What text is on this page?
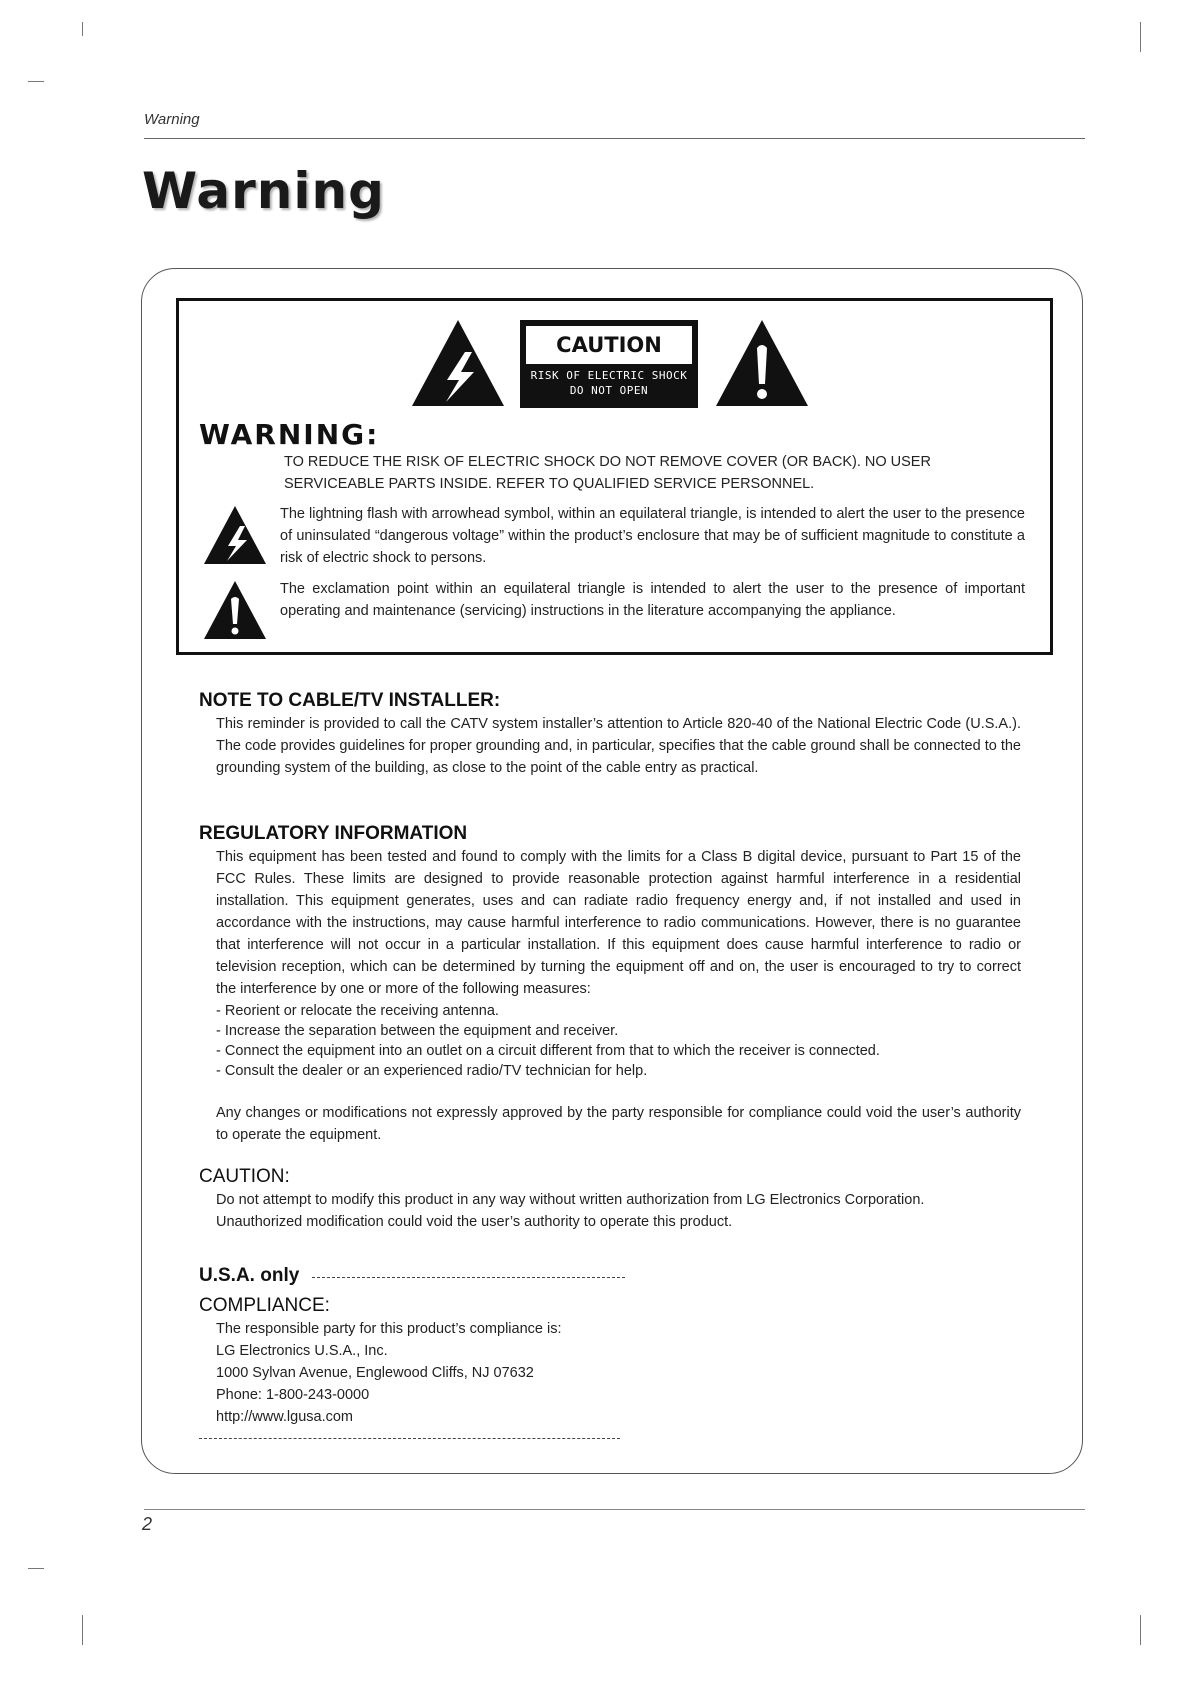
Warning
Warning
CAUTION
RISK OF ELECTRIC SHOCK
DO NOT OPEN
WARNING:
TO REDUCE THE RISK OF ELECTRIC SHOCK DO NOT REMOVE COVER (OR BACK). NO USER
SERVICEABLE PARTS INSIDE. REFER TO QUALIFIED SERVICE PERSONNEL.
The lightning flash with arrowhead symbol, within an equilateral triangle, is intended to alert the user to the presence of uninsulated “dangerous voltage” within the product’s enclosure that may be of sufficient magnitude to constitute a risk of electric shock to persons.
The exclamation point within an equilateral triangle is intended to alert the user to the presence of important operating and maintenance (servicing) instructions in the literature accompanying the appliance.
NOTE TO CABLE/TV INSTALLER:
This reminder is provided to call the CATV system installer’s attention to Article 820-40 of the National Electric Code (U.S.A.). The code provides guidelines for proper grounding and, in particular, specifies that the cable ground shall be connected to the grounding system of the building, as close to the point of the cable entry as practical.
REGULATORY INFORMATION
This equipment has been tested and found to comply with the limits for a Class B digital device, pursuant to Part 15 of the FCC Rules. These limits are designed to provide reasonable protection against harmful interference in a residential installation. This equipment generates, uses and can radiate radio frequency energy and, if not installed and used in accordance with the instructions, may cause harmful interference to radio communications. However, there is no guarantee that interference will not occur in a particular installation. If this equipment does cause harmful interference to radio or television reception, which can be determined by turning the equipment off and on, the user is encouraged to try to correct the interference by one or more of the following measures:
- Reorient or relocate the receiving antenna.
- Increase the separation between the equipment and receiver.
- Connect the equipment into an outlet on a circuit different from that to which the receiver is connected.
- Consult the dealer or an experienced radio/TV technician for help.
Any changes or modifications not expressly approved by the party responsible for compliance could void the user’s authority to operate the equipment.
CAUTION:
Do not attempt to modify this product in any way without written authorization from LG Electronics Corporation.
Unauthorized modification could void the user’s authority to operate this product.
U.S.A. only
COMPLIANCE:
The responsible party for this product’s compliance is:
LG Electronics U.S.A., Inc.
1000 Sylvan Avenue, Englewood Cliffs, NJ 07632
Phone: 1-800-243-0000
http://www.lgusa.com
2
